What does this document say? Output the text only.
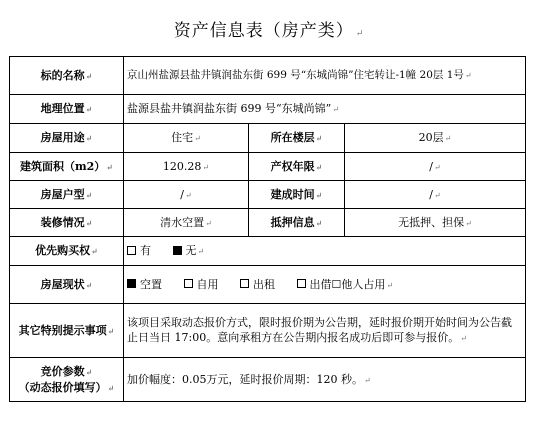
资产信息表（房产类） ↵
标的名称↵	京山州盐源县盐井镇润盐东街 699 号“东城尚锦”住宅转让-1幢 20层 1号↵		
地理位置↵	盐源县盐井镇润盐东街 699 号“东城尚锦”↵		
房屋用途↵	住宅↵	所在楼层↵	20层↵
建筑面积（m2）↵	120.28↵	产权年限↵	/↵
房屋户型↵	/↵	建成时间↵	/↵
装修情况↵	清水空置↵	抵押信息↵	无抵押、担保↵
优先购买权↵	有 无↵		
房屋现状↵	空置 自用 出租 出借☐他人占用↵		
其它特别提示事项↵	该项目采取动态报价方式，限时报价期为公告期，延时报价期开始时间为公告截止日当日 17:00。意向承租方在公告期内报名成功后即可参与报价。↵		

竞价参数↵
（动态报价填写）↵	加价幅度：0.05万元，延时报价周期：120 秒。↵		
